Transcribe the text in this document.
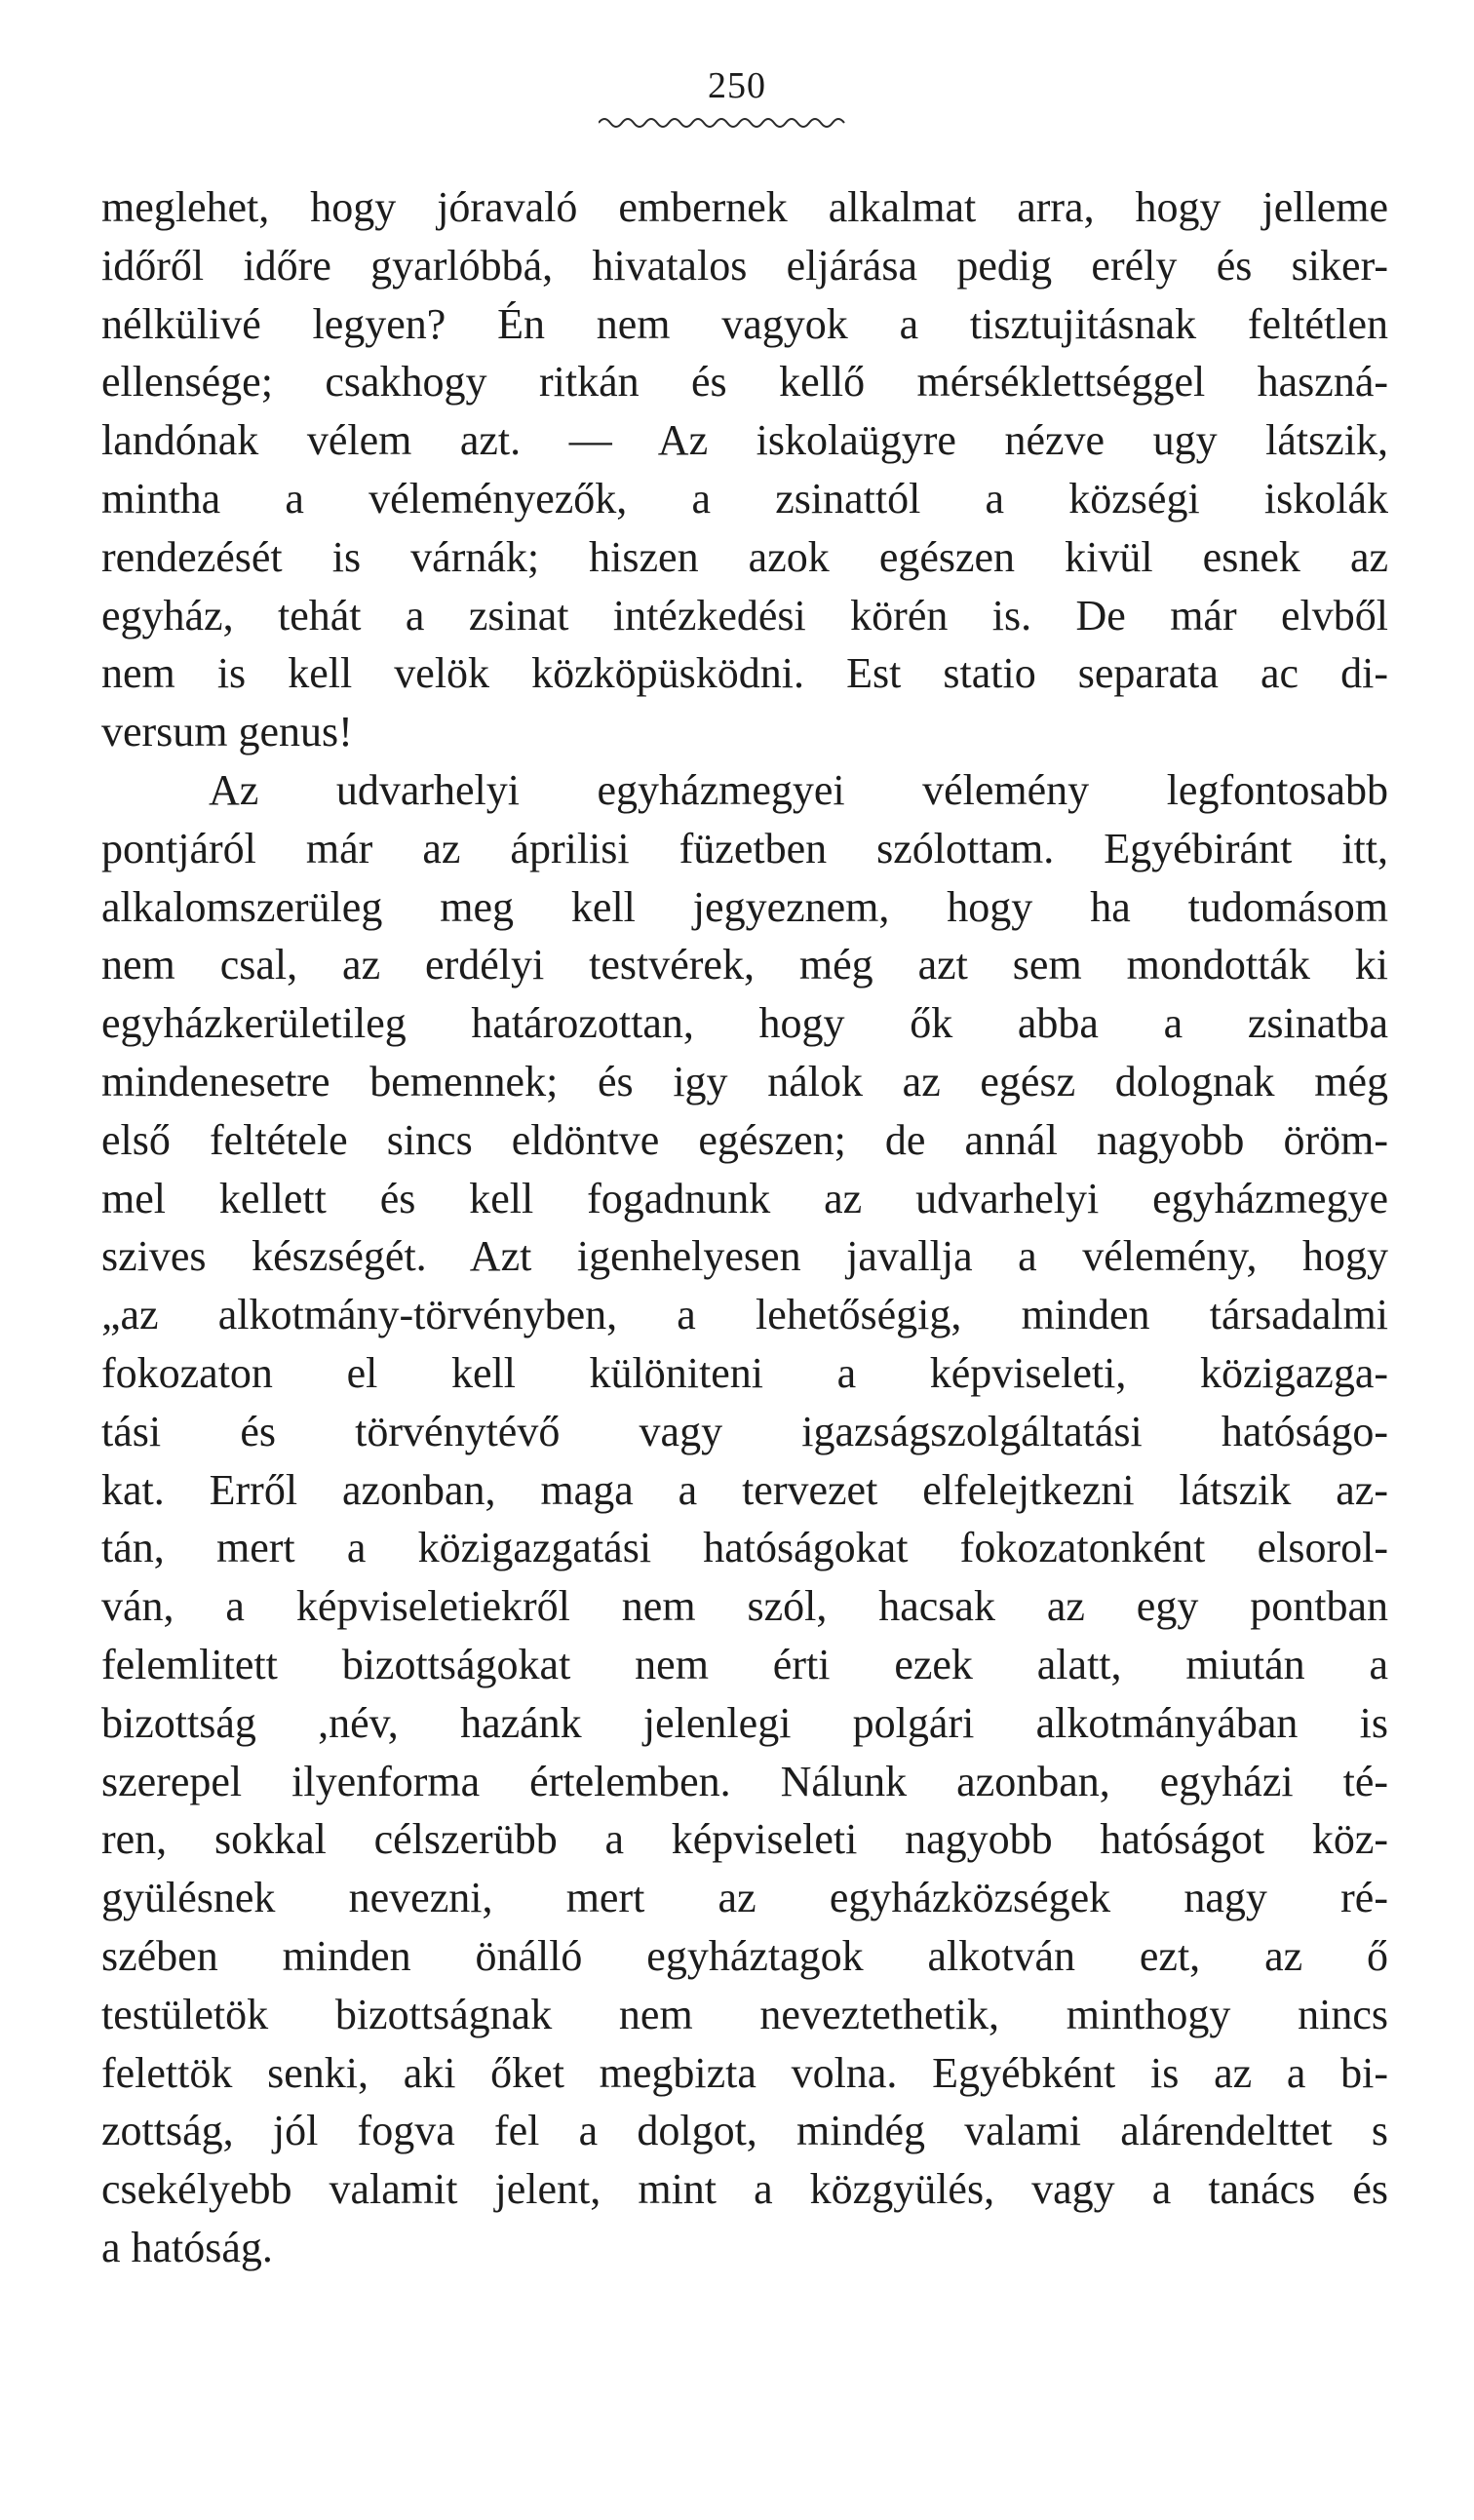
250
meglehet, hogy jóravaló embernek alkalmat arra, hogy jelleme
időről időre gyarlóbbá, hivatalos eljárása pedig erély és siker-
nélkülivé legyen? Én nem vagyok a tisztujitásnak feltétlen
ellensége; csakhogy ritkán és kellő mérséklettséggel haszná-
landónak vélem azt. — Az iskolaügyre nézve ugy látszik,
mintha a véleményezők, a zsinattól a községi iskolák
rendezését is várnák; hiszen azok egészen kivül esnek az
egyház, tehát a zsinat intézkedési körén is. De már elvből
nem is kell velök közköpüsködni. Est statio separata ac di-
versum genus!
Az udvarhelyi egyházmegyei vélemény legfontosabb
pontjáról már az áprilisi füzetben szólottam. Egyébiránt itt,
alkalomszerüleg meg kell jegyeznem, hogy ha tudomásom
nem csal, az erdélyi testvérek, még azt sem mondották ki
egyházkerületileg határozottan, hogy ők abba a zsinatba
mindenesetre bemennek; és igy nálok az egész dolognak még
első feltétele sincs eldöntve egészen; de annál nagyobb öröm-
mel kellett és kell fogadnunk az udvarhelyi egyházmegye
szives készségét. Azt igenhelyesen javallja a vélemény, hogy
„az alkotmány-törvényben, a lehetőségig, minden társadalmi
fokozaton el kell különiteni a képviseleti, közigazga-
tási és törvénytévő vagy igazságszolgáltatási hatóságo-
kat. Erről azonban, maga a tervezet elfelejtkezni látszik az-
tán, mert a közigazgatási hatóságokat fokozatonként elsorol-
ván, a képviseletiekről nem szól, hacsak az egy pontban
felemlitett bizottságokat nem érti ezek alatt, miután a
bizottság ,név, hazánk jelenlegi polgári alkotmányában is
szerepel ilyenforma értelemben. Nálunk azonban, egyházi té-
ren, sokkal célszerübb a képviseleti nagyobb hatóságot köz-
gyülésnek nevezni, mert az egyházközségek nagy ré-
szében minden önálló egyháztagok alkotván ezt, az ő
testületök bizottságnak nem neveztethetik, minthogy nincs
felettök senki, aki őket megbizta volna. Egyébként is az a bi-
zottság, jól fogva fel a dolgot, mindég valami alárendelttet s
csekélyebb valamit jelent, mint a közgyülés, vagy a tanács és
a hatóság.
